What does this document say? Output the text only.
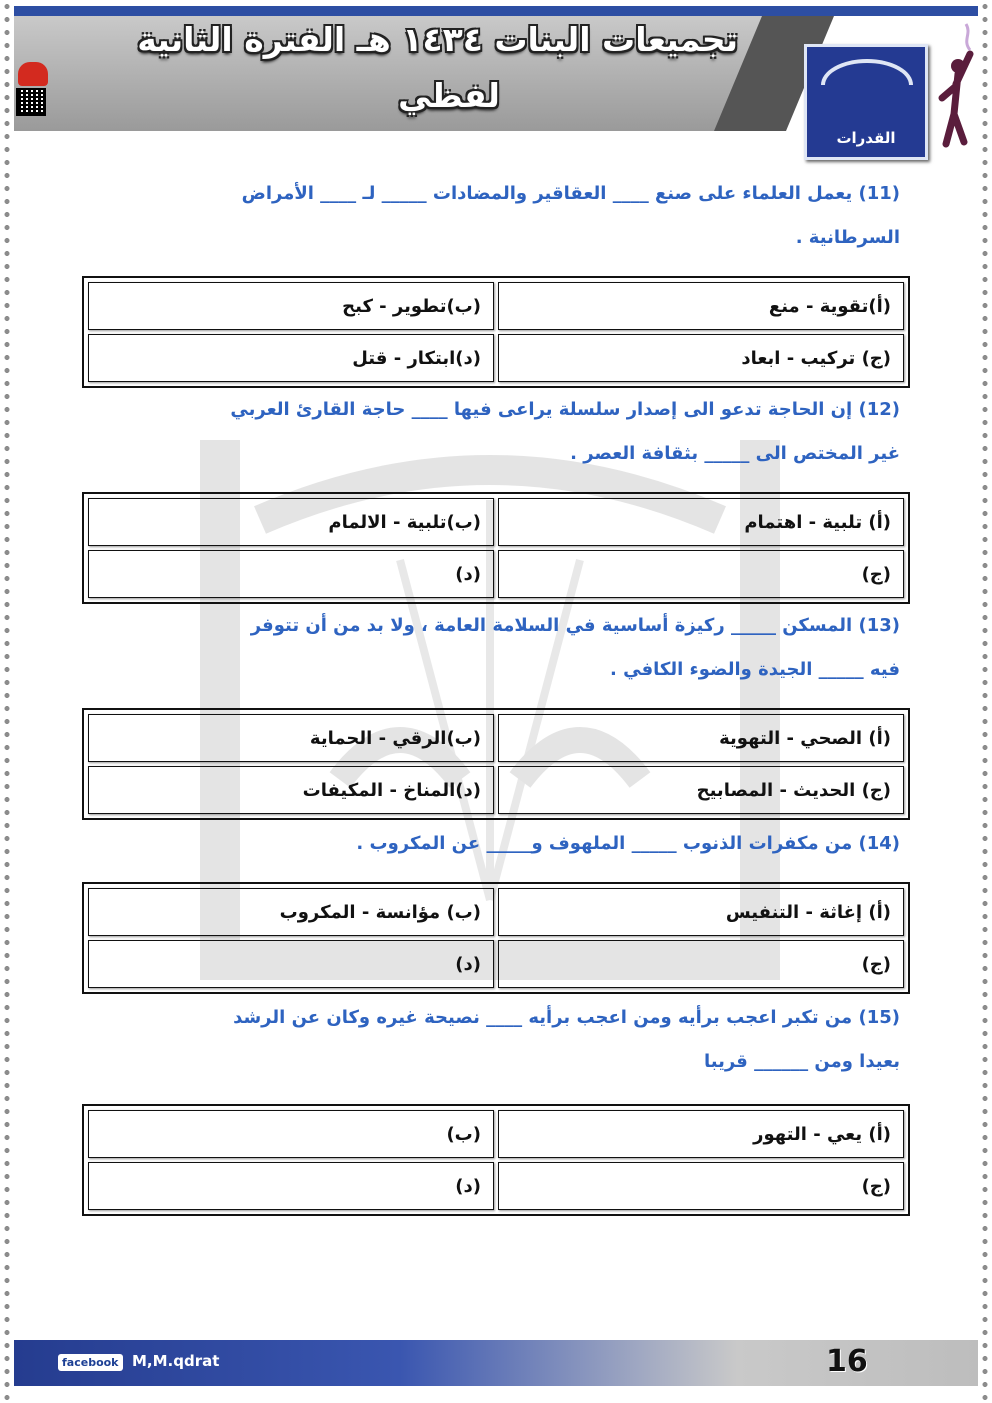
تجميعات البنات ١٤٣٤ هـ الفترة الثانية
لفظي
القدرات
(11) يعمل العلماء على صنع ____ العقاقير والمضادات _____ لـ ____ الأمراض
السرطانية .
(أ)تقوية - منع	(ب)تطوير - كبح
(ج) تركيب - ابعاد	(د)ابتكار - قتل
(12) إن الحاجة تدعو الى إصدار سلسلة يراعى فيها ____ حاجة القارئ العربي
غير المختص الى _____ بثقافة العصر .
(أ) تلبية - اهتمام	(ب)تلبية - الالمام
(ج)	(د)
(13) المسكن _____ ركيزة أساسية في السلامة العامة ، ولا بد من أن تتوفر
فيه _____ الجيدة والضوء الكافي .
(أ) الصحي - التهوية	(ب)الرقي - الحماية
(ج) الحديث - المصابيح	(د)المناخ - المكيفات
(14) من مكفرات الذنوب _____ الملهوف و_____ عن المكروب .
(أ) إغاثة - التنفيس	(ب) مؤانسة - المكروب
(ج)	(د)
(15) من تكبر اعجب برأيه ومن اعجب برأيه ____ نصيحة غيره وكان عن الرشد
بعيدا ومن ______ قريبا
(أ) يعي - التهور	(ب)
(ج)	(د)
facebook M,M.qdrat	16
